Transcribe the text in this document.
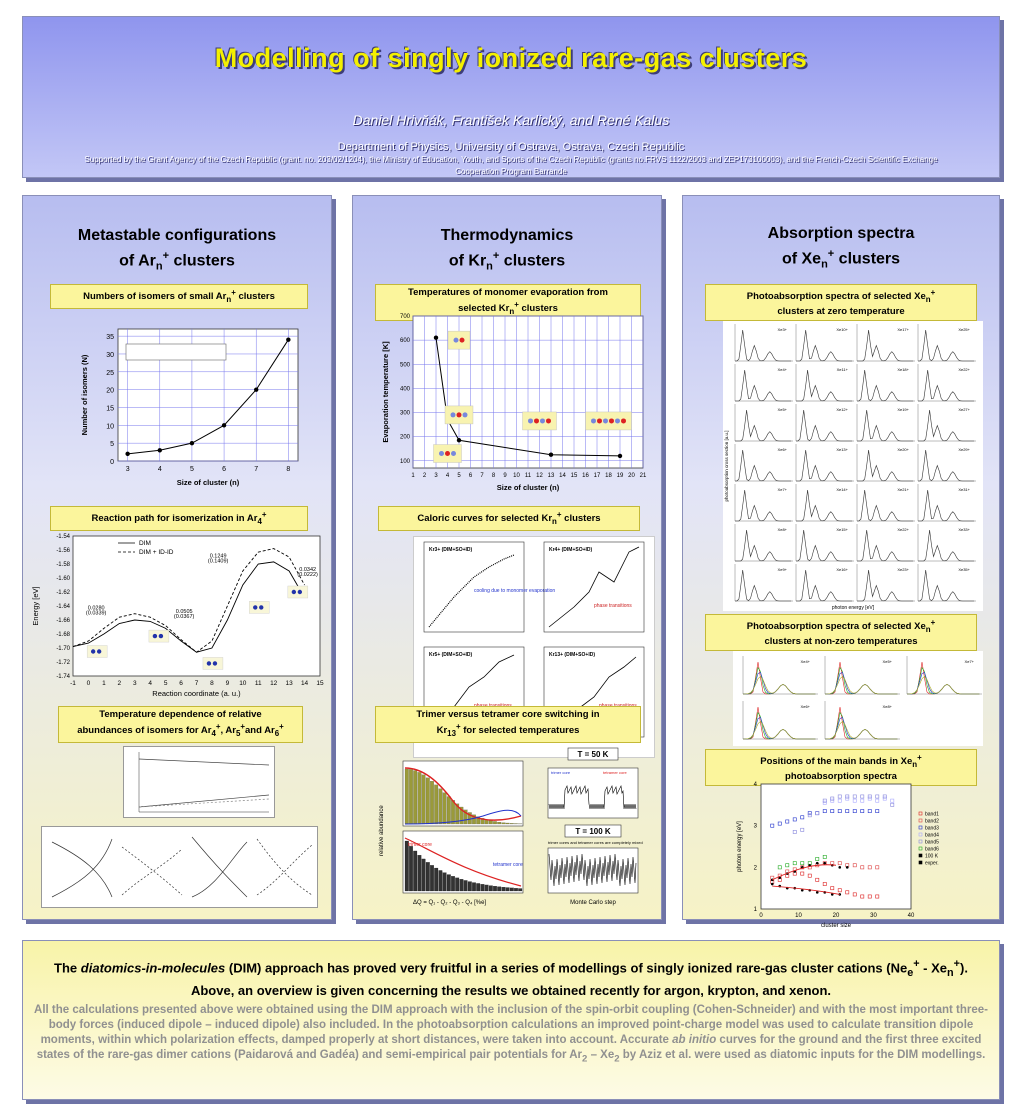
Modelling of singly ionized rare-gas clusters
Daniel Hrivňák, František Karlický, and René Kalus
Department of Physics, University of Ostrava, Ostrava, Czech Republic
Supported by the Grant Agency of the Czech Republic (grant. no. 203/02/1204), the Ministry of Education, Youth, and Sports of the Czech Republic (grants no.FRVS 1122/2003 and ZEP173100003), and the French-Czech Scientific Exchange Cooperation Program Barrande
Metastable configurations
of $Ar_n^+$ clusters
Numbers of isomers of small $Ar_n^+$ clusters
0
5
10
15
20
25
30
35
3	4	5	6	7	8
Size of cluster (n)
Number of isomers (N)
Reaction path for isomerization in $Ar_4^+$
-1.74
-1.72
-1.70
-1.68
-1.66
-1.64
-1.62
-1.60
-1.58
-1.56
-1.54
-1 0 1 2 3 4 5 6 7 8 9 10 11 12 13 14 15
DIM
DIM + ID-ID
0.0280
(0.0339)	0.0505
(0.0367)
0.1249
(0.1409)
0.0342
(0.0222)
Reaction coordinate (a. u.)
Energy [eV]
Temperature dependence of relative
abundances of isomers for $Ar_4^+$, $Ar_5^+and$ $Ar_6^+$
Thermodynamics
of $Kr_n^+$ clusters
Temperatures of monomer evaporation from
selected $Kr_n^+$ clusters
100
200
300
400
500
600
700
1 2 3 4 5 6 7 8 9 10 11 12 13 14 15 16 17 18 19 20 21
Size of cluster (n)
Evaporation temperature [K]
Caloric curves for selected $Kr_n^+$ clusters
Kr3+ (DIM+SO+ID)	Kr4+ (DIM+SO+ID)
Kr5+ (DIM+SO+ID)	Kr13+ (DIM+SO+ID)
cooling due to monomer evaporation
phase transitions
Trimer versus tetramer core switching in
$Kr_{13}^+$ for selected temperatures
trimer core
tetramer core
relative abundance
ΔQ = Q₁ - Q₂ - Q₃ - Q₄ [%e]
T = 50 K
trimer core	tetramer core
T = 100 K
trimer cores and tetramer cores are completely mixed
Monte Carlo step
Absorption spectra
of $Xe_n^+$ clusters
Photoabsorption spectra of selected $Xe_n^+$
clusters at zero temperature
Xe3+	Xe10+	Xe17+	Xe25+
Xe4+	Xe11+	Xe18+	Xe22+
Xe5+	Xe12+	Xe19+	Xe27+
Xe6+	Xe13+	Xe20+	Xe29+
Xe7+	Xe14+	Xe21+	Xe31+
Xe8+	Xe15+	Xe22+	Xe33+
Xe9+	Xe16+	Xe23+	Xe35+
photon energy [eV]
photoabsorption cross section [a.u.]
Photoabsorption spectra of selected $Xe_n^+$
clusters at non-zero temperatures
Xe4+	Xe5+	Xe7+
Xe6+	Xe8+
Positions of the main bands in $Xe_n^+$
photoabsorption spectra
1
2
3
4
0	10	20	30	40
band1
band2
band3
band4
band5
band6
100 K
exper.
cluster size
photon energy [eV]
The diatomics-in-molecules (DIM) approach has proved very fruitful in a series of modellings of singly ionized rare-gas cluster cations $(Ne_e^+ - Xe_n^+)$. Above, an overview is given concerning the results we obtained recently for argon, krypton, and xenon.
All the calculations presented above were obtained using the DIM approach with the inclusion of the spin-orbit coupling (Cohen-Schneider) and with the most important three-body forces (induced dipole – induced dipole) also included. In the photoabsorption calculations an improved point-charge model was used to calculate transition dipole moments, within which polarization effects, damped properly at short distances, were taken into account. Accurate ab initio curves for the ground and the first three excited states of the rare-gas dimer cations (Paidarová and Gadéa) and semi-empirical pair potentials for $Ar_2 - Xe_2$ by Aziz et al. were used as diatomic inputs for the DIM modellings.
